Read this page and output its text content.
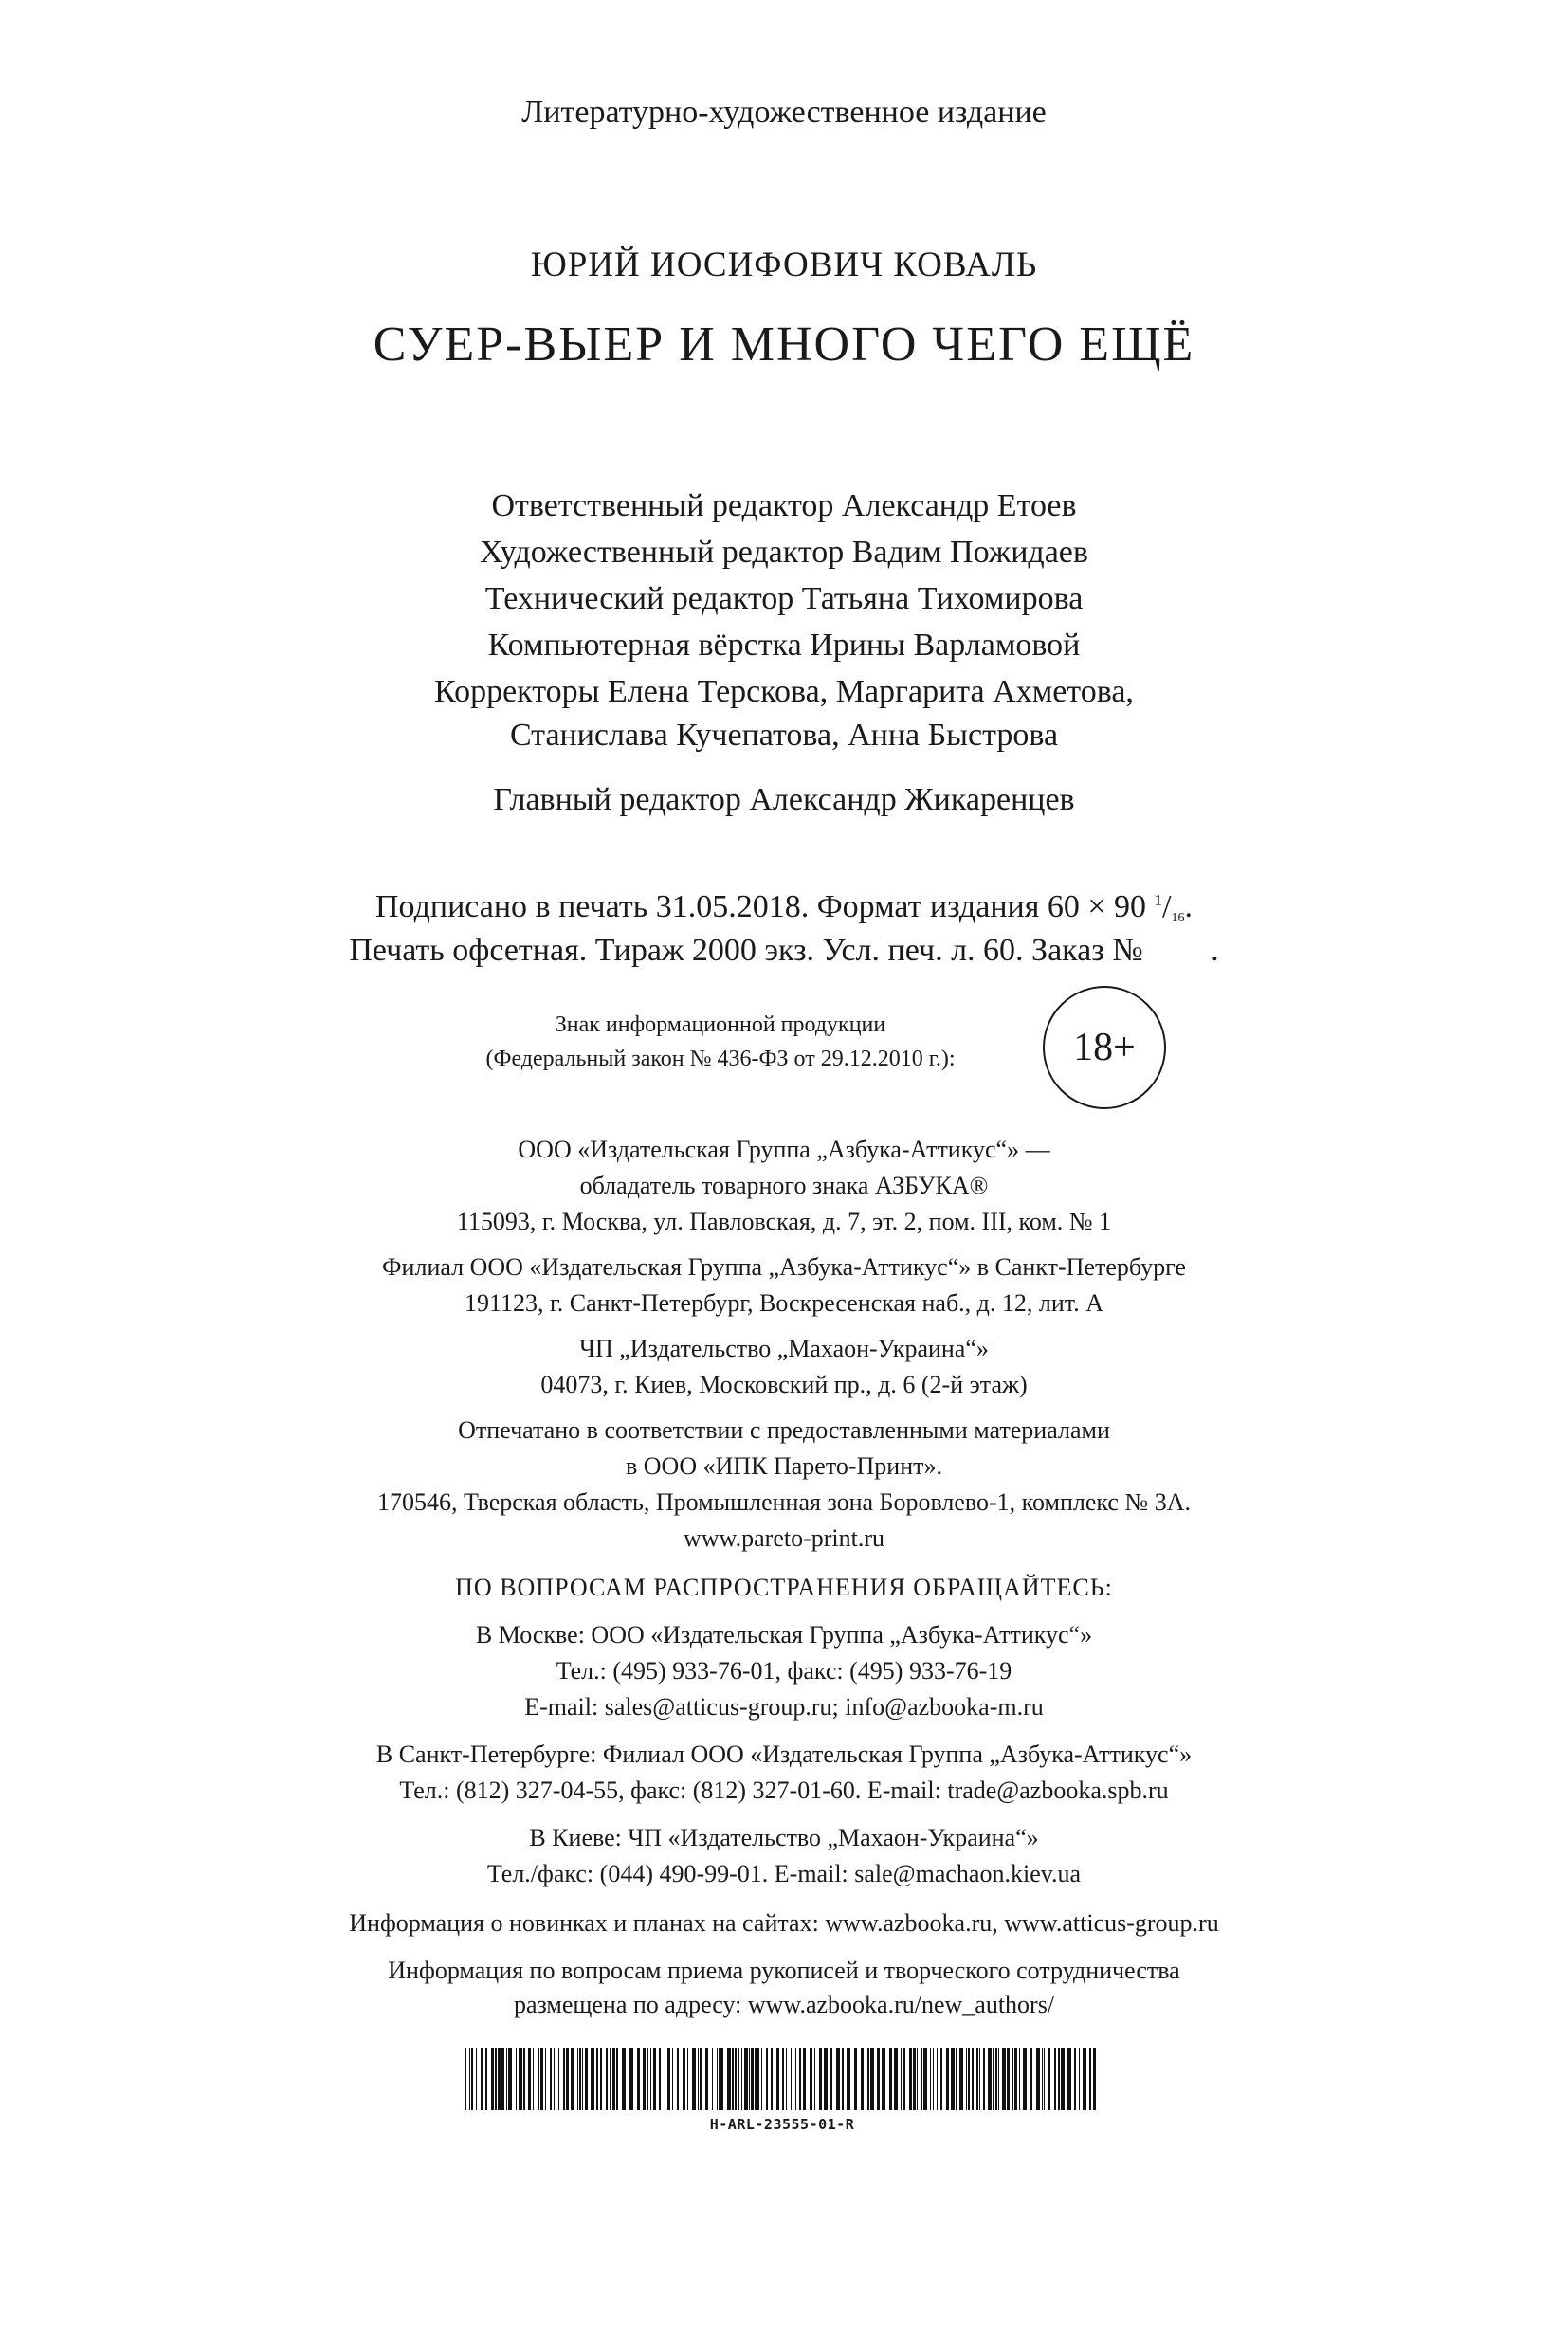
Литературно-художественное издание

ЮРИЙ ИОСИФОВИЧ КОВАЛЬ

СУЕР-ВЫЕР И МНОГО ЧЕГО ЕЩЁ

Ответственный редактор Александр Етоев

Художественный редактор Вадим Пожидаев

Технический редактор Татьяна Тихомирова

Компьютерная вёрстка Ирины Варламовой

Корректоры Елена Терскова, Маргарита Ахметова,

Станислава Кучепатова, Анна Быстрова

Главный редактор Александр Жикаренцев

Подписано в печать 31.05.2018. Формат издания 60 × 90 $^1/_{16}$.

Печать офсетная. Тираж 2000 экз. Усл. печ. л. 60. Заказ № .

Знак информационной продукции
(Федеральный закон № 436-ФЗ от 29.12.2010 г.):	18+

ООО «Издательская Группа „Азбука-Аттикус“» —

обладатель товарного знака АЗБУКА®

115093, г. Москва, ул. Павловская, д. 7, эт. 2, пом. III, ком. № 1

Филиал ООО «Издательская Группа „Азбука-Аттикус“» в Санкт-Петербурге

191123, г. Санкт-Петербург, Воскресенская наб., д. 12, лит. А

ЧП „Издательство „Махаон-Украина“»

04073, г. Киев, Московский пр., д. 6 (2-й этаж)

Отпечатано в соответствии с предоставленными материалами

в ООО «ИПК Парето-Принт».

170546, Тверская область, Промышленная зона Боровлево-1, комплекс № 3А.

www.pareto-print.ru

ПО ВОПРОСАМ РАСПРОСТРАНЕНИЯ ОБРАЩАЙТЕСЬ:

В Москве: ООО «Издательская Группа „Азбука-Аттикус“»

Тел.: (495) 933-76-01, факс: (495) 933-76-19

E-mail: sales@atticus-group.ru; info@azbooka-m.ru

В Санкт-Петербурге: Филиал ООО «Издательская Группа „Азбука-Аттикус“»

Тел.: (812) 327-04-55, факс: (812) 327-01-60. E-mail: trade@azbooka.spb.ru

В Киеве: ЧП «Издательство „Махаон-Украина“»

Тел./факс: (044) 490-99-01. E-mail: sale@machaon.kiev.ua

Информация о новинках и планах на сайтах: www.azbooka.ru, www.atticus-group.ru

Информация по вопросам приема рукописей и творческого сотрудничества

размещена по адресу: www.azbooka.ru/new_authors/

H-ARL-23555-01-R
